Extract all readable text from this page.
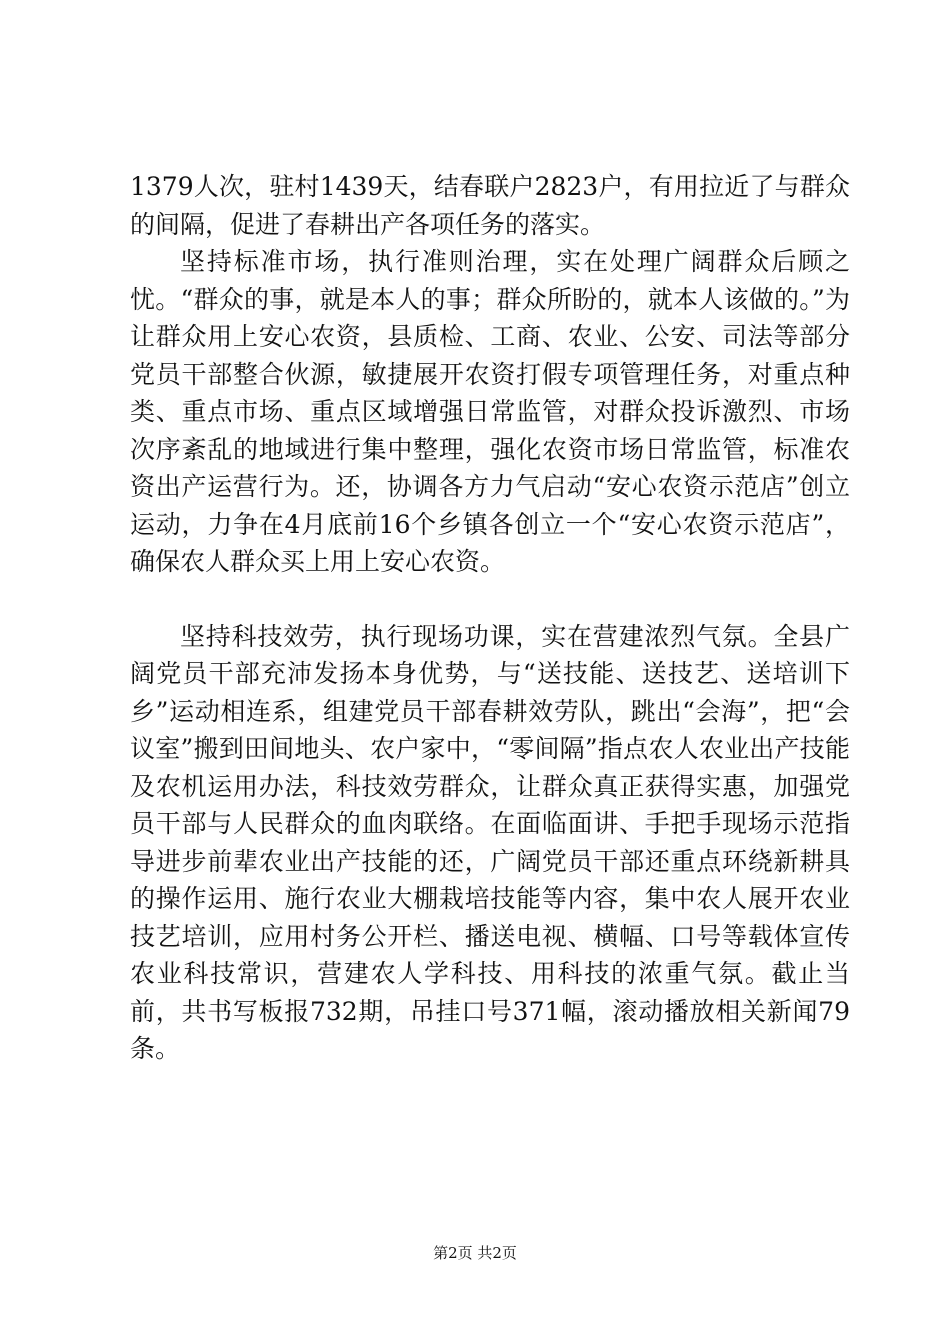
1379人次，驻村1439天，结春联户2823户，有用拉近了与群众的间隔，促进了春耕出产各项任务的落实。

坚持标准市场，执行准则治理，实在处理广阔群众后顾之忧。“群众的事，就是本人的事；群众所盼的，就本人该做的。”为让群众用上安心农资，县质检、工商、农业、公安、司法等部分党员干部整合伙源，敏捷展开农资打假专项管理任务，对重点种类、重点市场、重点区域增强日常监管，对群众投诉激烈、市场次序紊乱的地域进行集中整理，强化农资市场日常监管，标准农资出产运营行为。还，协调各方力气启动“安心农资示范店”创立运动，力争在4月底前16个乡镇各创立一个“安心农资示范店”，确保农人群众买上用上安心农资。

坚持科技效劳，执行现场功课，实在营建浓烈气氛。全县广阔党员干部充沛发扬本身优势，与“送技能、送技艺、送培训下乡”运动相连系，组建党员干部春耕效劳队，跳出“会海”，把“会议室”搬到田间地头、农户家中，“零间隔”指点农人农业出产技能及农机运用办法，科技效劳群众，让群众真正获得实惠，加强党员干部与人民群众的血肉联络。在面临面讲、手把手现场示范指导进步前辈农业出产技能的还，广阔党员干部还重点环绕新耕具的操作运用、施行农业大棚栽培技能等内容，集中农人展开农业技艺培训，应用村务公开栏、播送电视、横幅、口号等载体宣传农业科技常识，营建农人学科技、用科技的浓重气氛。截止当前，共书写板报732期，吊挂口号371幅，滚动播放相关新闻79条。

第2页 共2页
